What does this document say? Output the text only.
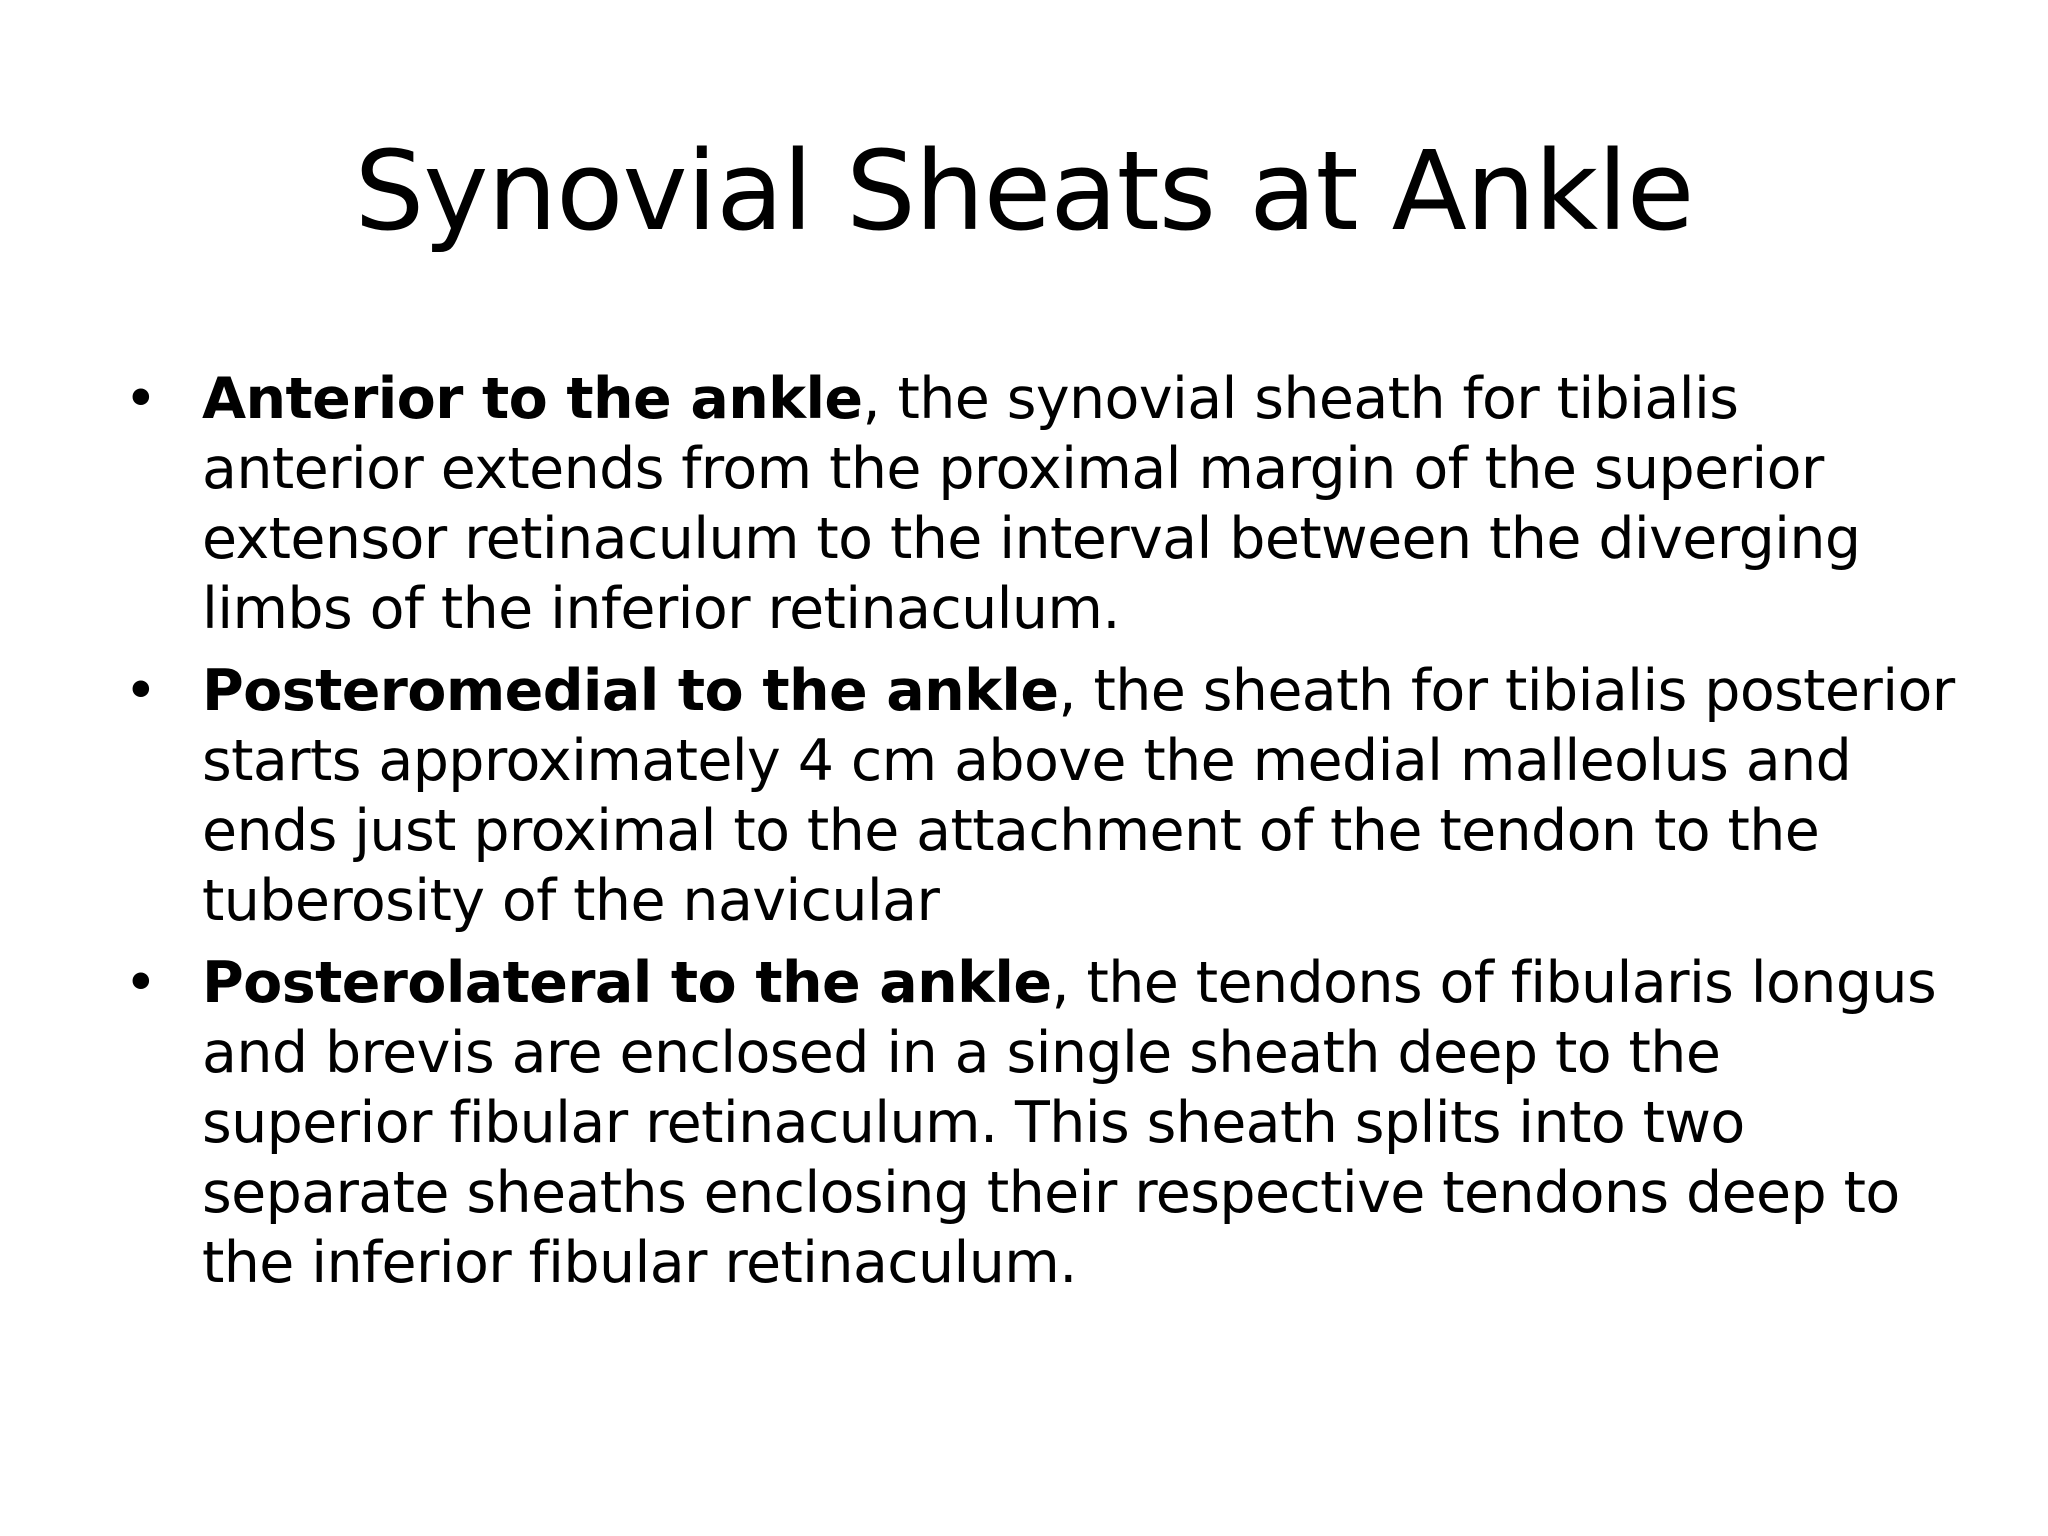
Synovial Sheats at Ankle
• Anterior to the ankle, the synovial sheath for tibialis anterior extends from the proximal margin of the superior extensor retinaculum to the interval between the diverging limbs of the inferior retinaculum.
• Posteromedial to the ankle, the sheath for tibialis posterior starts approximately 4 cm above the medial malleolus and ends just proximal to the attachment of the tendon to the tuberosity of the navicular
• Posterolateral to the ankle, the tendons of fibularis longus and brevis are enclosed in a single sheath deep to the superior fibular retinaculum. This sheath splits into two separate sheaths enclosing their respective tendons deep to the inferior fibular retinaculum.
